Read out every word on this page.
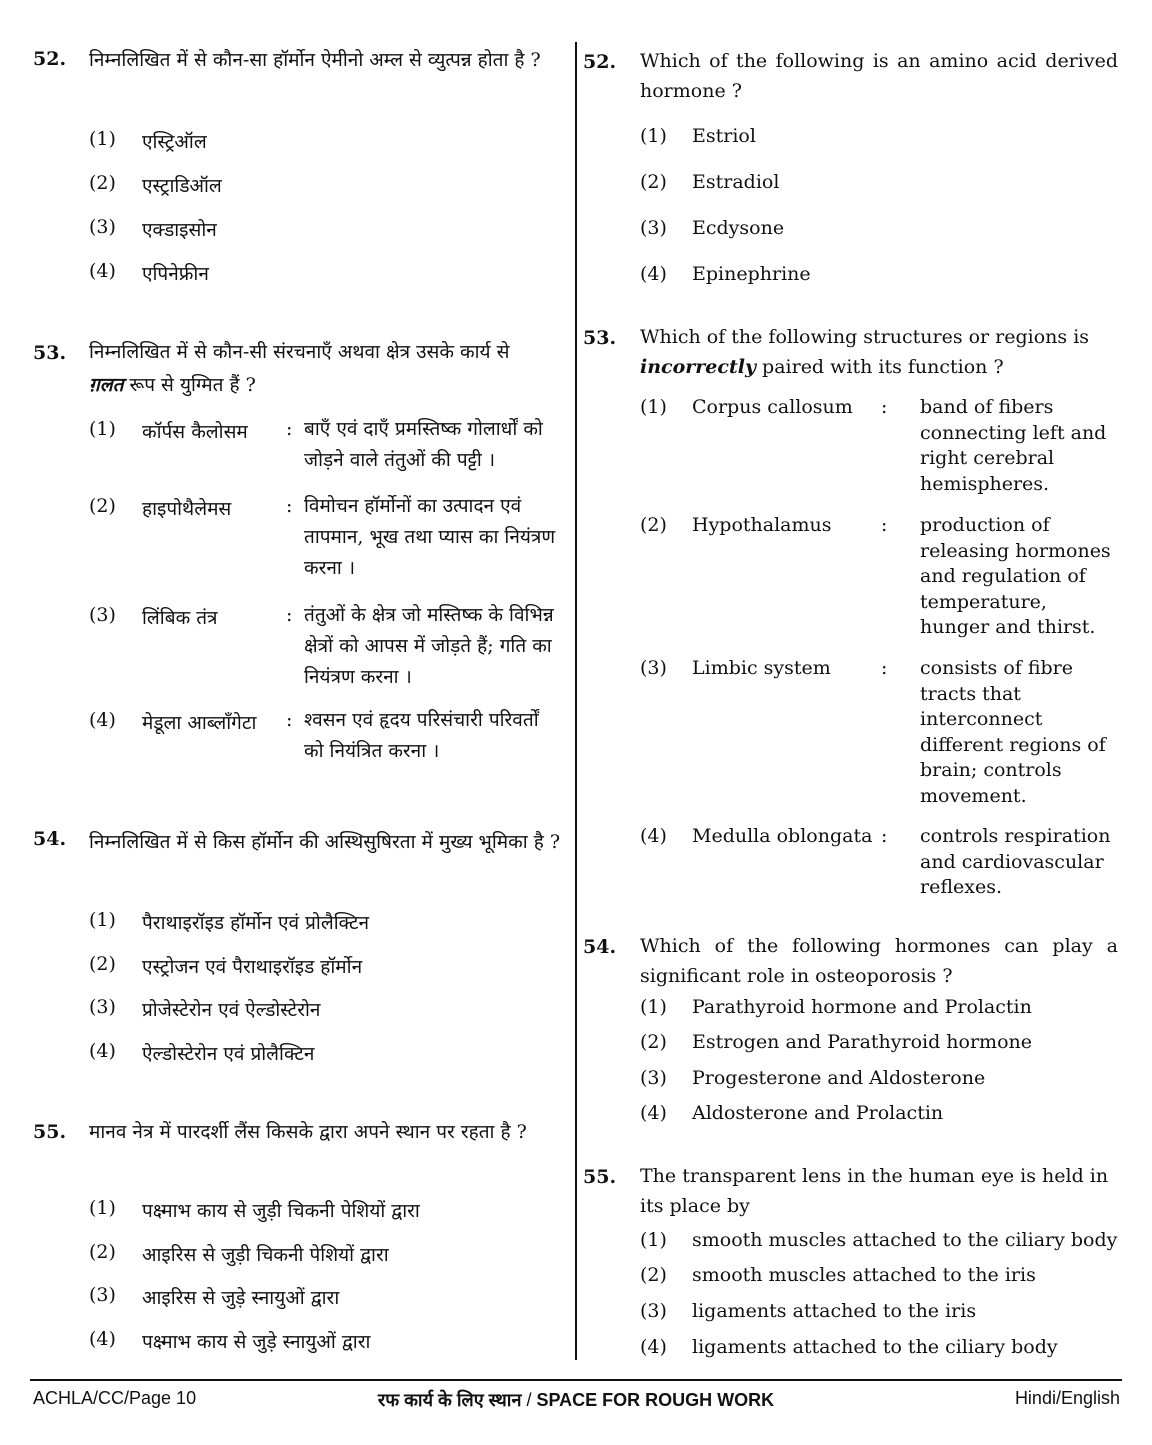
52. निम्नलिखित में से कौन-सा हॉर्मोन ऐमीनो अम्ल से व्युत्पन्न होता है ?
(1) एस्ट्रिऑल
(2) एस्ट्राडिऑल
(3) एक्डाइसोन
(4) एपिनेफ्रीन
53. निम्नलिखित में से कौन-सी संरचनाएँ अथवा क्षेत्र उसके कार्य से
ग़लत रूप से युग्मित हैं ?
(1) कॉर्पस कैलोसम : बाएँ एवं दाएँ प्रमस्तिष्क गोलार्धों को जोड़ने वाले तंतुओं की पट्टी ।
(2) हाइपोथैलेमस	: विमोचन हॉर्मोनों का उत्पादन एवं तापमान, भूख तथा प्यास का नियंत्रण करना ।
(3) लिंबिक तंत्र	: तंतुओं के क्षेत्र जो मस्तिष्क के विभिन्न क्षेत्रों को आपस में जोड़ते हैं; गति का नियंत्रण करना ।
(4) मेडूला आब्लाँगेटा : श्वसन एवं हृदय परिसंचारी परिवर्तों को नियंत्रित करना ।
54. निम्नलिखित में से किस हॉर्मोन की अस्थिसुषिरता में मुख्य भूमिका है ?
(1) पैराथाइरॉइड हॉर्मोन एवं प्रोलैक्टिन
(2) एस्ट्रोजन एवं पैराथाइरॉइड हॉर्मोन
(3) प्रोजेस्टेरोन एवं ऐल्डोस्टेरोन
(4) ऐल्डोस्टेरोन एवं प्रोलैक्टिन
55. मानव नेत्र में पारदर्शी लैंस किसके द्वारा अपने स्थान पर रहता है ?
(1) पक्ष्माभ काय से जुड़ी चिकनी पेशियों द्वारा
(2) आइरिस से जुड़ी चिकनी पेशियों द्वारा
(3) आइरिस से जुड़े स्नायुओं द्वारा
(4) पक्ष्माभ काय से जुड़े स्नायुओं द्वारा
52. Which of the following is an amino acid derived hormone ?
(1) Estriol
(2) Estradiol
(3) Ecdysone
(4) Epinephrine
53. Which of the following structures or regions is
incorrectly paired with its function ?
(1) Corpus callosum : band of fibers connecting left and right cerebral hemispheres.
(2) Hypothalamus	: production of releasing hormones and regulation of temperature, hunger and thirst.
(3) Limbic system	: consists of fibre tracts that interconnect different regions of brain; controls movement.
(4) Medulla oblongata : controls respiration and cardiovascular reflexes.
54. Which of the following hormones can play a significant role in osteoporosis ?
(1) Parathyroid hormone and Prolactin
(2) Estrogen and Parathyroid hormone
(3) Progesterone and Aldosterone
(4) Aldosterone and Prolactin
55. The transparent lens in the human eye is held in its place by
(1) smooth muscles attached to the ciliary body
(2) smooth muscles attached to the iris
(3) ligaments attached to the iris
(4) ligaments attached to the ciliary body
ACHLA/CC/Page 10	रफ कार्य के लिए स्थान / SPACE FOR ROUGH WORK	Hindi/English
